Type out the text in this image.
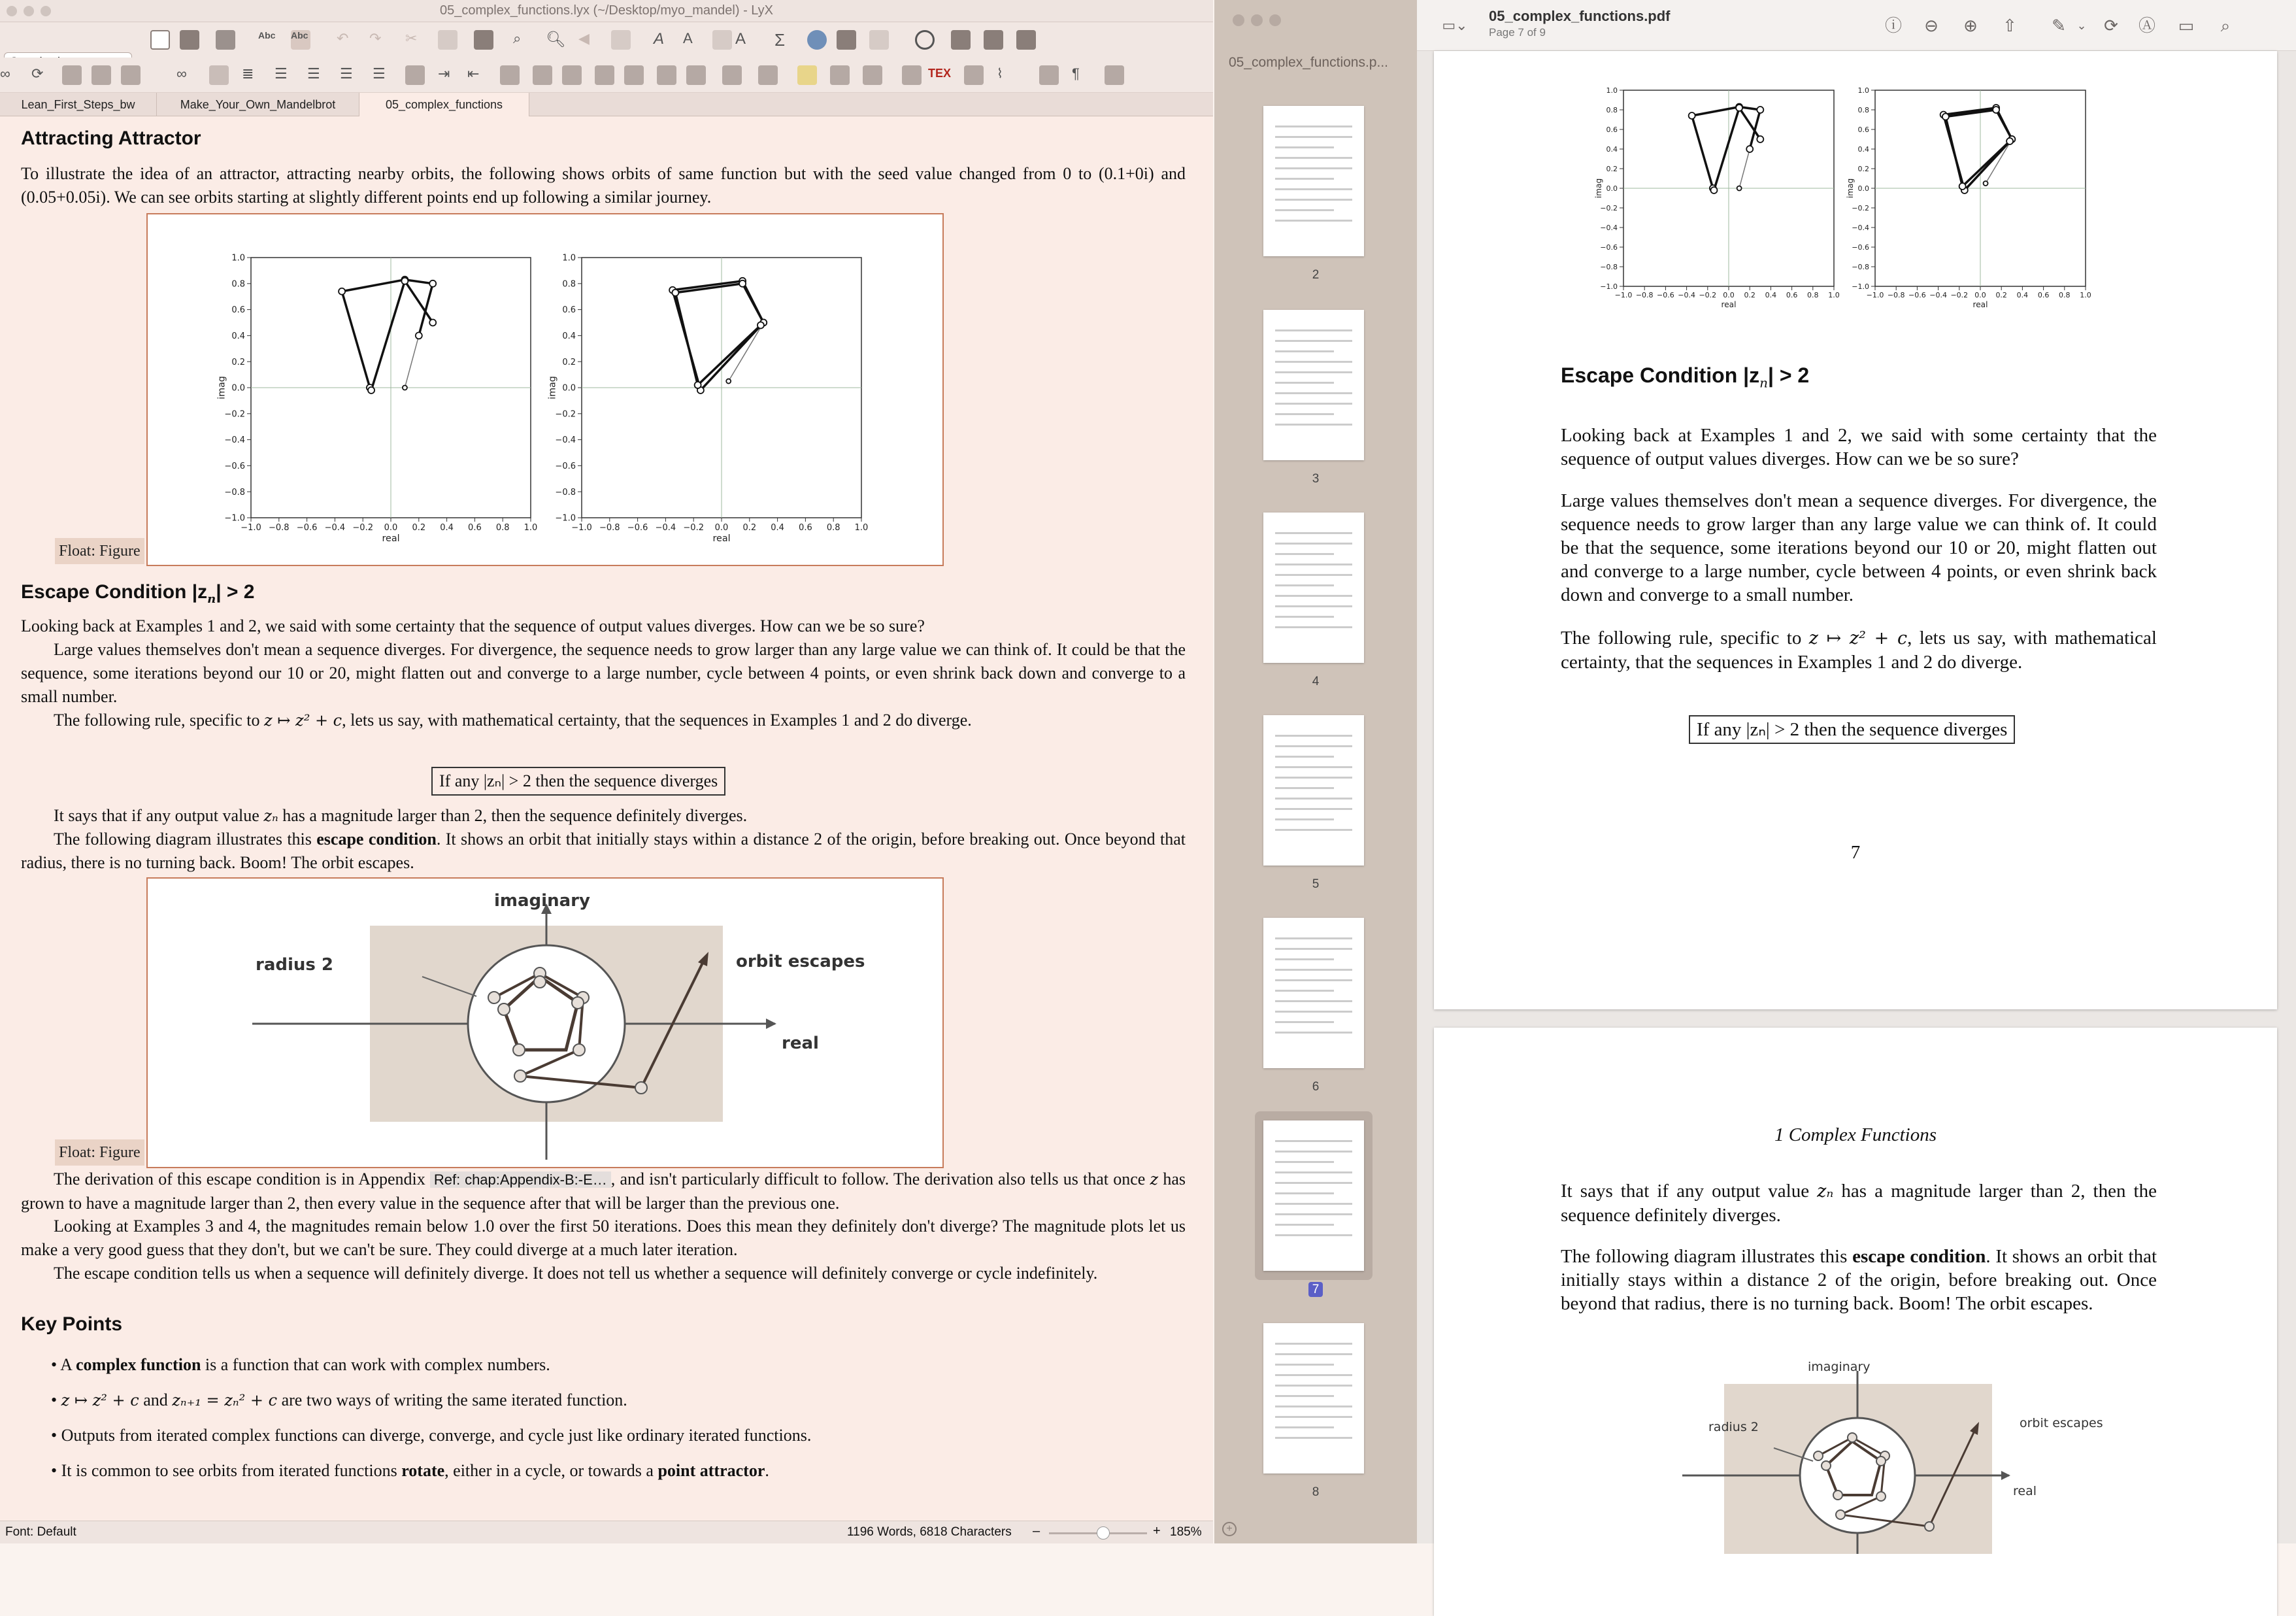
05_complex_functions.lyx (~/Desktop/myo_mandel) - LyX
Abc Abc ↶	↷	✂	⌕	🔍︎ ◀	A	A	A	Σ
∞	⟳	∞	≣	☰	☰	☰	☰	⇥	⇤	TEX	⌇	¶
Lean_First_Steps_bw	Make_Your_Own_Mandelbrot	05_complex_functions
Attracting Attractor
To illustrate the idea of an attractor, attracting nearby orbits, the following shows orbits of same function but with the seed value changed from 0 to (0.1+0i) and (0.05+0.05i). We can see orbits starting at slightly different points end up following a similar journey.
−1.0 −0.8 −0.6 −0.4 −0.2 0.0 0.2 0.4 0.6 0.8 1.0
1.0
0.8
0.6
0.4
0.2
0.0
−0.2
−0.4
−0.6
−0.8
−1.0
real
imag
−1.0 −0.8 −0.6 −0.4 −0.2 0.0 0.2 0.4 0.6 0.8 1.0
1.0
0.8
0.6
0.4
0.2
0.0
−0.2
−0.4
−0.6
−0.8
−1.0
real
imag
Float: Figure
Escape Condition $|z_n| > 2$
Looking back at Examples 1 and 2, we said with some certainty that the sequence of output values diverges. How can we be so sure?
Large values themselves don't mean a sequence diverges. For divergence, the sequence needs to grow larger than any large value we can think of. It could be that the sequence, some iterations beyond our 10 or 20, might flatten out and converge to a large number, cycle between 4 points, or even shrink back down and converge to a small number.
The following rule, specific to z ↦ z² + c, lets us say, with mathematical certainty, that the sequences in Examples 1 and 2 do diverge.
If any |zₙ| > 2 then the sequence diverges
It says that if any output value zₙ has a magnitude larger than 2, then the sequence definitely diverges.
The following diagram illustrates this escape condition. It shows an orbit that initially stays within a distance 2 of the origin, before breaking out. Once beyond that radius, there is no turning back. Boom! The orbit escapes.
imaginary
real
radius 2	orbit escapes
Float: Figure
The derivation of this escape condition is in Appendix Ref: chap:Appendix-B:-E… , and isn't particularly difficult to follow. The derivation also tells us that once z has grown to have a magnitude larger than 2, then every value in the sequence after that will be larger than the previous one.
Looking at Examples 3 and 4, the magnitudes remain below 1.0 over the first 50 iterations. Does this mean they definitely don't diverge? The magnitude plots let us make a very good guess that they don't, but we can't be sure. They could diverge at a much later iteration.
The escape condition tells us when a sequence will definitely diverge. It does not tell us whether a sequence will definitely converge or cycle indefinitely.
Key Points
• A complex function is a function that can work with complex numbers.
• z ↦ z² + c and zₙ₊₁ = zₙ² + c are two ways of writing the same iterated function.
• Outputs from iterated complex functions can diverge, converge, and cycle just like ordinary iterated functions.
• It is common to see orbits from iterated functions rotate, either in a cycle, or towards a point attractor.
Font: Default	1196 Words, 6818 Characters –	+ 185%
05_complex_functions.p...
2
3
4
5
6
7
8
+
▭⌄
05_complex_functions.pdf
Page 7 of 9	ⓘ ⊖ ⊕ ⇧ ✎ ⌄	⟳ Ⓐ ▭	⌕
−1.0 −0.8 −0.6 −0.4 −0.2 0.0 0.2 0.4 0.6 0.8 1.0
1.0
0.8
0.6
0.4
0.2
0.0
−0.2
−0.4
−0.6
−0.8
−1.0
real
imag
−1.0 −0.8 −0.6 −0.4 −0.2 0.0 0.2 0.4 0.6 0.8 1.0
1.0
0.8
0.6
0.4
0.2
0.0
−0.2
−0.4
−0.6
−0.8
−1.0
real
imag
Escape Condition $|z_n| > 2$
Looking back at Examples 1 and 2, we said with some certainty that the sequence of output values diverges. How can we be so sure?
Large values themselves don't mean a sequence diverges. For divergence, the sequence needs to grow larger than any large value we can think of. It could be that the sequence, some iterations beyond our 10 or 20, might flatten out and converge to a large number, cycle between 4 points, or even shrink back down and converge to a small number.
The following rule, specific to z ↦ z² + c, lets us say, with mathematical certainty, that the sequences in Examples 1 and 2 do diverge.
If any |zₙ| > 2 then the sequence diverges
7
1 Complex Functions
It says that if any output value zₙ has a magnitude larger than 2, then the sequence definitely diverges.
The following diagram illustrates this escape condition. It shows an orbit that initially stays within a distance 2 of the origin, before breaking out. Once beyond that radius, there is no turning back. Boom! The orbit escapes.
imaginary
real
radius 2	orbit escapes
